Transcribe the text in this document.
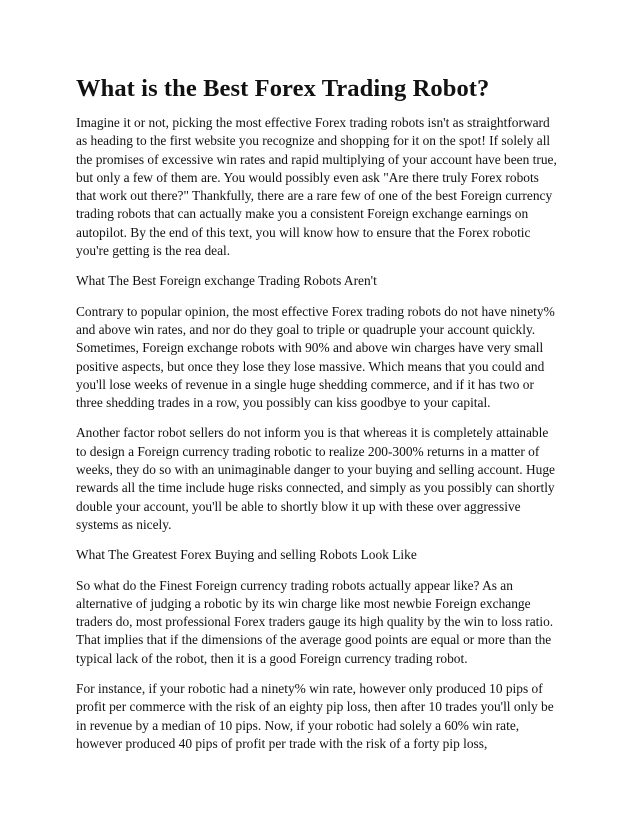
What is the Best Forex Trading Robot?

Imagine it or not, picking the most effective Forex trading robots isn't as straightforward as heading to the first website you recognize and shopping for it on the spot! If solely all the promises of excessive win rates and rapid multiplying of your account have been true, but only a few of them are. You would possibly even ask "Are there truly Forex robots that work out there?" Thankfully, there are a rare few of one of the best Foreign currency trading robots that can actually make you a consistent Foreign exchange earnings on autopilot. By the end of this text, you will know how to ensure that the Forex robotic you're getting is the rea deal.

What The Best Foreign exchange Trading Robots Aren't

Contrary to popular opinion, the most effective Forex trading robots do not have ninety% and above win rates, and nor do they goal to triple or quadruple your account quickly. Sometimes, Foreign exchange robots with 90% and above win charges have very small positive aspects, but once they lose they lose massive. Which means that you could and you'll lose weeks of revenue in a single huge shedding commerce, and if it has two or three shedding trades in a row, you possibly can kiss goodbye to your capital.

Another factor robot sellers do not inform you is that whereas it is completely attainable to design a Foreign currency trading robotic to realize 200-300% returns in a matter of weeks, they do so with an unimaginable danger to your buying and selling account. Huge rewards all the time include huge risks connected, and simply as you possibly can shortly double your account, you'll be able to shortly blow it up with these over aggressive systems as nicely.

What The Greatest Forex Buying and selling Robots Look Like

So what do the Finest Foreign currency trading robots actually appear like? As an alternative of judging a robotic by its win charge like most newbie Foreign exchange traders do, most professional Forex traders gauge its high quality by the win to loss ratio. That implies that if the dimensions of the average good points are equal or more than the typical lack of the robot, then it is a good Foreign currency trading robot.

For instance, if your robotic had a ninety% win rate, however only produced 10 pips of profit per commerce with the risk of an eighty pip loss, then after 10 trades you'll only be in revenue by a median of 10 pips. Now, if your robotic had solely a 60% win rate, however produced 40 pips of profit per trade with the risk of a forty pip loss,
